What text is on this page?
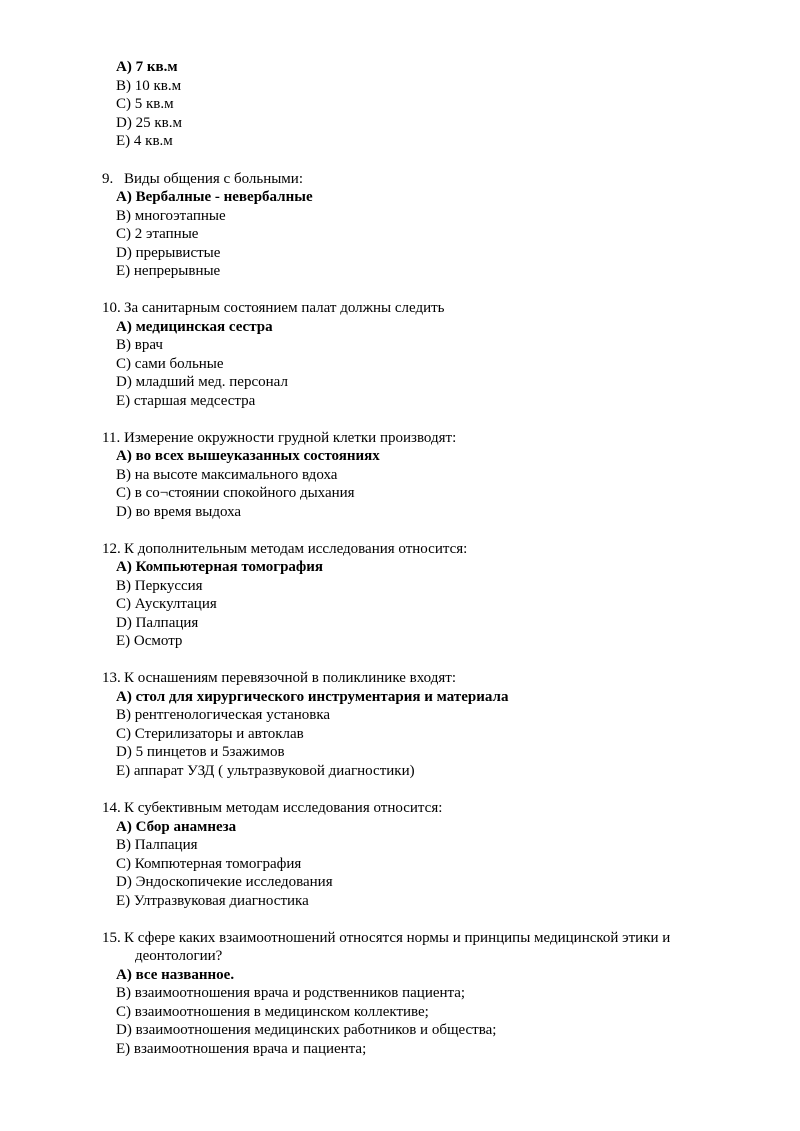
A) 7 кв.м
B) 10 кв.м
C) 5 кв.м
D) 25 кв.м
E) 4 кв.м
9. Виды общения с больными:
A) Вербалные - невербалные
B) многоэтапные
C) 2 этапные
D) прерывистые
E) непрерывные
10. За санитарным состоянием палат должны следить
A) медицинская сестра
B) врач
C) сами больные
D) младший мед. персонал
E) старшая медсестра
11. Измерение окружности грудной клетки производят:
A) во всех вышеуказанных состояниях
B) на высоте максимального вдоха
C) в со¬стоянии спокойного дыхания
D) во время выдоха
12. К дополнительным методам исследования относится:
A) Компьютерная томография
B) Перкуссия
C) Аускултация
D) Палпация
E) Осмотр
13. К оснашениям перевязочной в поликлинике входят:
A) стол для хирургического инструментария и материала
B) рентгенологическая установка
C) Стерилизаторы и автоклав
D) 5 пинцетов и 5зажимов
E) аппарат УЗД ( ультразвуковой диагностики)
14. К субективным методам исследования относится:
A) Сбор анамнеза
B) Палпация
C) Компютерная томография
D) Эндоскопичекие исследования
E) Ултразвуковая диагностика
15. К сфере каких взаимоотношений относятся нормы и принципы медицинской этики и
деонтологии?
A) все названное.
B) взаимоотношения врача и родственников пациента;
C) взаимоотношения в медицинском коллективе;
D) взаимоотношения медицинских работников и общества;
E) взаимоотношения врача и пациента;
